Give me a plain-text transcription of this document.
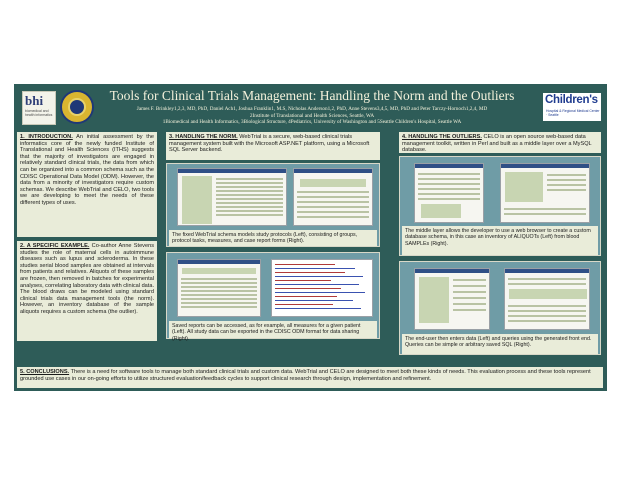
bhi
biomedical and health informatics
Tools for Clinical Trials Management: Handling the Norm and the Outliers
James F. Brinkley1,2,3, MD, PhD, Daniel Ach1, Joshua Franklin1, M.S, Nicholas Anderson1,2, PhD, Anne Stevens3,4,5, MD, PhD and Peter Tarczy-Hornoch1,2,4, MD
2Institute of Translational and Health Sciences, Seattle, WA
1Biomedical and Health Informatics, 3Biological Structure, 4Pediatrics, University of Washington and 5Seattle Children's Hospital, Seattle WA
Children's
Hospital & Regional Medical Center · Seattle
1. INTRODUCTION. An initial assessment by the informatics core of the newly funded Institute of Translational and Health Sciences (ITHS) suggests that the majority of investigators are engaged in relatively standard clinical trials, the data from which can be organized into a common schema such as the CDISC Operational Data Model (ODM). However, the data from a minority of investigators require custom schemas. We describe WebTrial and CELO, two tools we are developing to meet the needs of these different types of uses.
2. A SPECIFIC EXAMPLE. Co-author Anne Stevens studies the role of maternal cells in autoimmune diseases such as lupus and scleroderma. In these studies serial blood samples are obtained at intervals from patients and relatives. Aliquots of these samples are frozen, then removed in batches for experimental analyses, correlating laboratory data with clinical data. The blood draws can be modeled using standard clinical trials data management tools (the norm). However, an inventory database of the sample aliquots requires a custom schema (the outlier).
3. HANDLING THE NORM. WebTrial is a secure, web-based clinical trials management system built with the Microsoft ASP.NET platform, using a Microsoft SQL Server backend.
The fixed WebTrial schema models study protocols (Left), consisting of groups, protocol tasks, measures, and case report forms (Right).
Saved reports can be accessed, as for example, all measures for a given patient (Left). All study data can be exported in the CDISC ODM format for data sharing (Right).
4. HANDLING THE OUTLIERS. CELO is an open source web-based data management toolkit, written in Perl and built as a middle layer over a MySQL database.
The middle layer allows the developer to use a web browser to create a custom database schema, in this case an inventory of ALIQUOTs (Left) from blood SAMPLEs (Right).
The end-user then enters data (Left) and queries using the generated front end. Queries can be simple or arbitrary saved SQL (Right).
5. CONCLUSIONS. There is a need for software tools to manage both standard clinical trials and custom data. WebTrial and CELO are designed to meet both these kinds of needs. This evaluation process and these tools represent grounded use cases in our on-going efforts to utilize structured evaluation/feedback cycles to support clinical research through design, implementation and refinement.
